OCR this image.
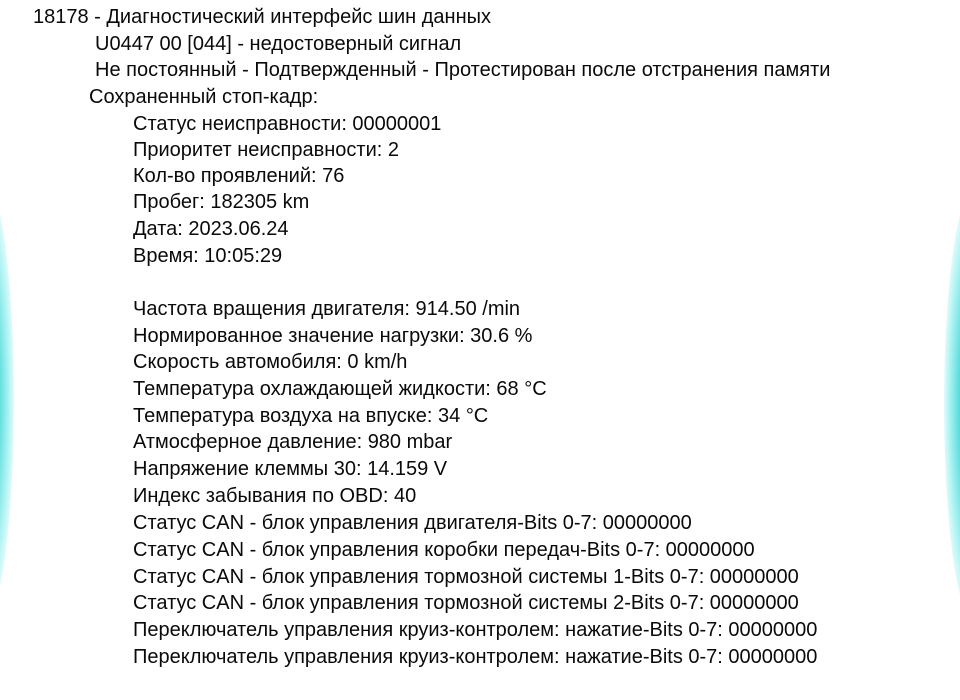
18178 - Диагностический интерфейс шин данных
U0447 00 [044] - недостоверный сигнал
Не постоянный - Подтвержденный - Протестирован после отстранения памяти
Сохраненный стоп-кадр:
Статус неисправности: 00000001
Приоритет неисправности: 2
Кол-во проявлений: 76
Пробег: 182305 km
Дата: 2023.06.24
Время: 10:05:29
Частота вращения двигателя: 914.50 /min
Нормированное значение нагрузки: 30.6 %
Скорость автомобиля: 0 km/h
Температура охлаждающей жидкости: 68 °C
Температура воздуха на впуске: 34 °C
Атмосферное давление: 980 mbar
Напряжение клеммы 30: 14.159 V
Индекс забывания по OBD: 40
Статус CAN - блок управления двигателя-Bits 0-7: 00000000
Статус CAN - блок управления коробки передач-Bits 0-7: 00000000
Статус CAN - блок управления тормозной системы 1-Bits 0-7: 00000000
Статус CAN - блок управления тормозной системы 2-Bits 0-7: 00000000
Переключатель управления круиз-контролем: нажатие-Bits 0-7: 00000000
Переключатель управления круиз-контролем: нажатие-Bits 0-7: 00000000
